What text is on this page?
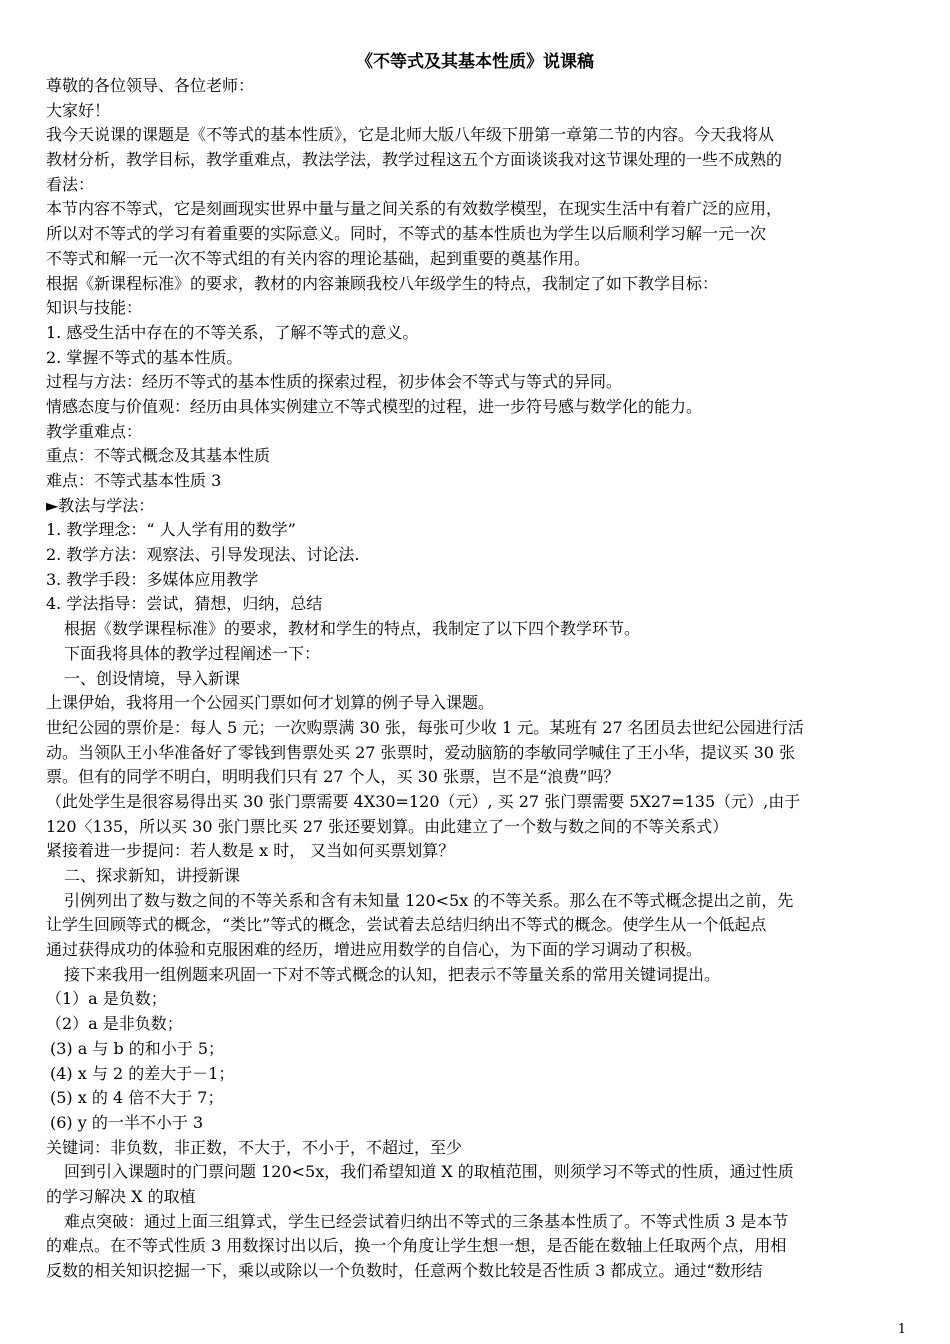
《不等式及其基本性质》说课稿
尊敬的各位领导、各位老师：
大家好！
我今天说课的课题是《不等式的基本性质》，它是北师大版八年级下册第一章第二节的内容。今天我将从
教材分析，教学目标，教学重难点，教法学法，教学过程这五个方面谈谈我对这节课处理的一些不成熟的
看法：
本节内容不等式，它是刻画现实世界中量与量之间关系的有效数学模型，在现实生活中有着广泛的应用，
所以对不等式的学习有着重要的实际意义。同时，不等式的基本性质也为学生以后顺利学习解一元一次
不等式和解一元一次不等式组的有关内容的理论基础，起到重要的奠基作用。
根据《新课程标准》的要求，教材的内容兼顾我校八年级学生的特点，我制定了如下教学目标：
知识与技能：
1. 感受生活中存在的不等关系，了解不等式的意义。
2. 掌握不等式的基本性质。
过程与方法：经历不等式的基本性质的探索过程，初步体会不等式与等式的异同。
情感态度与价值观：经历由具体实例建立不等式模型的过程，进一步符号感与数学化的能力。
教学重难点：
重点：不等式概念及其基本性质
难点：不等式基本性质 3
►教法与学法：
1. 教学理念：“ 人人学有用的数学”
2. 教学方法：观察法、引导发现法、讨论法.
3. 教学手段：多媒体应用教学
4. 学法指导：尝试，猜想，归纳，总结
根据《数学课程标准》的要求，教材和学生的特点，我制定了以下四个教学环节。
下面我将具体的教学过程阐述一下：
一、创设情境，导入新课
上课伊始，我将用一个公园买门票如何才划算的例子导入课题。
世纪公园的票价是：每人 5 元；一次购票满 30 张，每张可少收 1 元。某班有 27 名团员去世纪公园进行活
动。当领队王小华准备好了零钱到售票处买 27 张票时，爱动脑筋的李敏同学喊住了王小华，提议买 30 张
票。但有的同学不明白，明明我们只有 27 个人，买 30 张票，岂不是“浪费”吗？
（此处学生是很容易得出买 30 张门票需要 4X30=120（元）, 买 27 张门票需要 5X27=135（元）,由于
120〈135，所以买 30 张门票比买 27 张还要划算。由此建立了一个数与数之间的不等关系式）
紧接着进一步提问：若人数是 x 时， 又当如何买票划算？
二、探求新知，讲授新课
引例列出了数与数之间的不等关系和含有未知量 120<5x 的不等关系。那么在不等式概念提出之前，先
让学生回顾等式的概念，“类比”等式的概念，尝试着去总结归纳出不等式的概念。使学生从一个低起点
通过获得成功的体验和克服困难的经历，增进应用数学的自信心，为下面的学习调动了积极。
接下来我用一组例题来巩固一下对不等式概念的认知，把表示不等量关系的常用关键词提出。
（1）a 是负数；
（2）a 是非负数；
(3) a 与 b 的和小于 5；
(4) x 与 2 的差大于－1；
(5) x 的 4 倍不大于 7；
(6) y 的一半不小于 3
关键词：非负数，非正数，不大于，不小于，不超过，至少
回到引入课题时的门票问题 120<5x，我们希望知道 X 的取植范围，则须学习不等式的性质，通过性质
的学习解决 X 的取植
难点突破：通过上面三组算式，学生已经尝试着归纳出不等式的三条基本性质了。不等式性质 3 是本节
的难点。在不等式性质 3 用数探讨出以后，换一个角度让学生想一想，是否能在数轴上任取两个点，用相
反数的相关知识挖掘一下，乘以或除以一个负数时，任意两个数比较是否性质 3 都成立。通过“数形结
1
